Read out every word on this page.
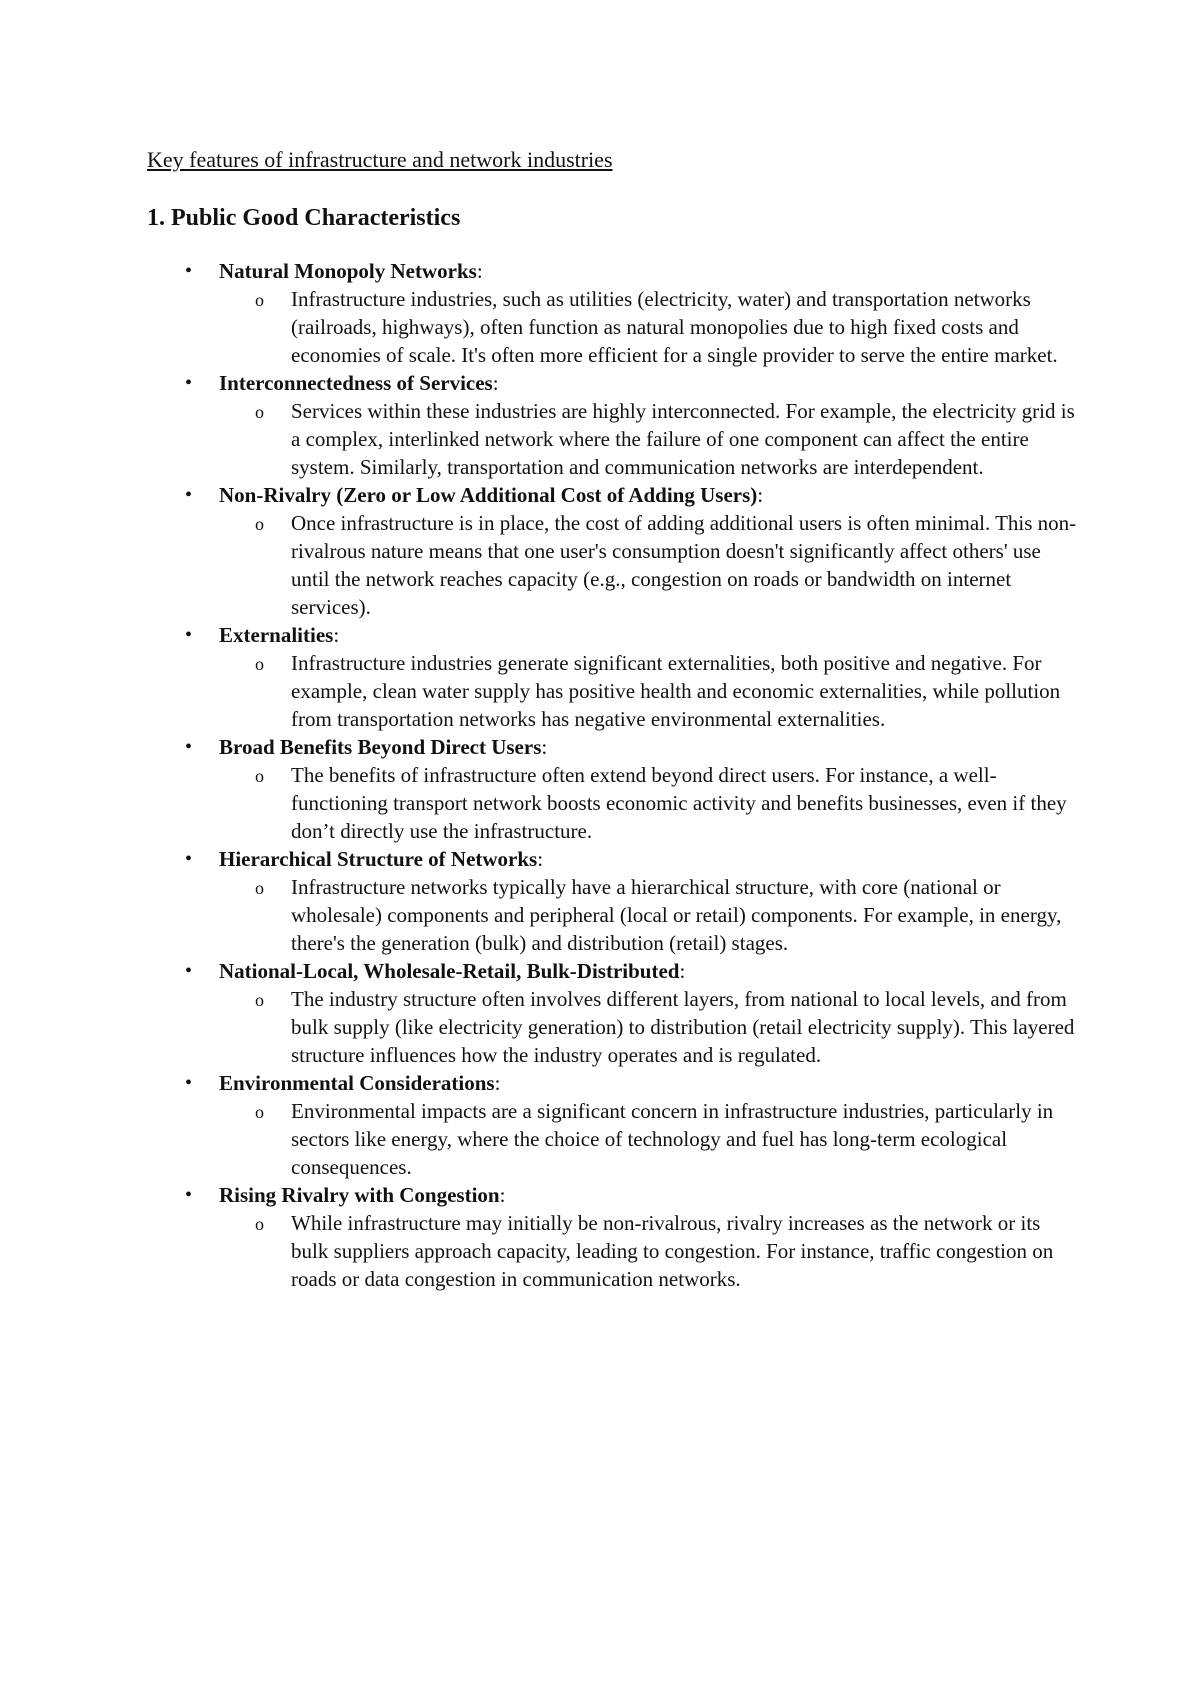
Key features of infrastructure and network industries
1. Public Good Characteristics
• Natural Monopoly Networks:
o Infrastructure industries, such as utilities (electricity, water) and transportation networks (railroads, highways), often function as natural monopolies due to high fixed costs and economies of scale. It's often more efficient for a single provider to serve the entire market.
• Interconnectedness of Services:
o Services within these industries are highly interconnected. For example, the electricity grid is a complex, interlinked network where the failure of one component can affect the entire system. Similarly, transportation and communication networks are interdependent.
• Non-Rivalry (Zero or Low Additional Cost of Adding Users):
o Once infrastructure is in place, the cost of adding additional users is often minimal. This non-rivalrous nature means that one user's consumption doesn't significantly affect others' use until the network reaches capacity (e.g., congestion on roads or bandwidth on internet services).
• Externalities:
o Infrastructure industries generate significant externalities, both positive and negative. For example, clean water supply has positive health and economic externalities, while pollution from transportation networks has negative environmental externalities.
• Broad Benefits Beyond Direct Users:
o The benefits of infrastructure often extend beyond direct users. For instance, a well-functioning transport network boosts economic activity and benefits businesses, even if they don’t directly use the infrastructure.
• Hierarchical Structure of Networks:
o Infrastructure networks typically have a hierarchical structure, with core (national or wholesale) components and peripheral (local or retail) components. For example, in energy, there's the generation (bulk) and distribution (retail) stages.
• National-Local, Wholesale-Retail, Bulk-Distributed:
o The industry structure often involves different layers, from national to local levels, and from bulk supply (like electricity generation) to distribution (retail electricity supply). This layered structure influences how the industry operates and is regulated.
• Environmental Considerations:
o Environmental impacts are a significant concern in infrastructure industries, particularly in sectors like energy, where the choice of technology and fuel has long-term ecological consequences.
• Rising Rivalry with Congestion:
o While infrastructure may initially be non-rivalrous, rivalry increases as the network or its bulk suppliers approach capacity, leading to congestion. For instance, traffic congestion on roads or data congestion in communication networks.
